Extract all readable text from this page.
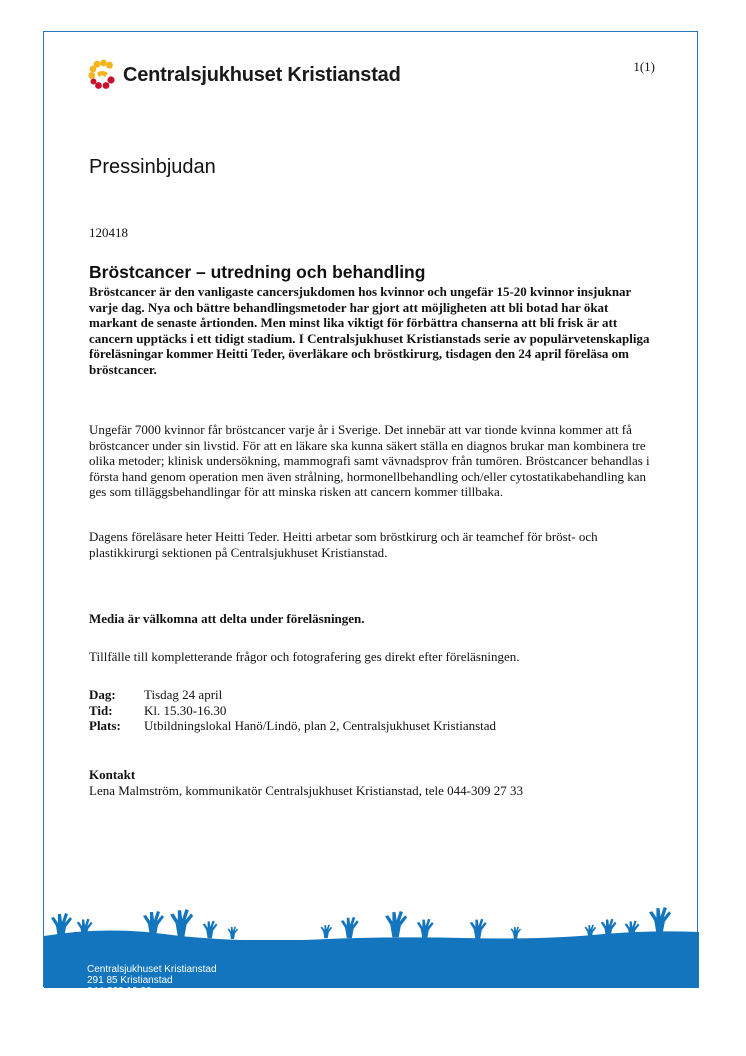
Centralsjukhuset Kristianstad	1(1)
Pressinbjudan
120418
Bröstcancer – utredning och behandling

Bröstcancer är den vanligaste cancersjukdomen hos kvinnor och ungefär 15-20 kvinnor insjuknar varje dag. Nya och bättre behandlingsmetoder har gjort att möjligheten att bli botad har ökat markant de senaste årtionden. Men minst lika viktigt för förbättra chanserna att bli frisk är att cancern upptäcks i ett tidigt stadium. I Centralsjukhuset Kristianstads serie av populärvetenskapliga föreläsningar kommer Heitti Teder, överläkare och bröstkirurg, tisdagen den 24 april föreläsa om bröstcancer.

Ungefär 7000 kvinnor får bröstcancer varje år i Sverige. Det innebär att var tionde kvinna kommer att få bröstcancer under sin livstid. För att en läkare ska kunna säkert ställa en diagnos brukar man kombinera tre olika metoder; klinisk undersökning, mammografi samt vävnadsprov från tumören. Bröstcancer behandlas i första hand genom operation men även strålning, hormonellbehandling och/eller cytostatikabehandling kan ges som tilläggsbehandlingar för att minska risken att cancern kommer tillbaka.

Dagens föreläsare heter Heitti Teder. Heitti arbetar som bröstkirurg och är teamchef för bröst- och plastikkirurgi sektionen på Centralsjukhuset Kristianstad.

Media är välkomna att delta under föreläsningen.

Tillfälle till kompletterande frågor och fotografering ges direkt efter föreläsningen.

Dag:	Tisdag 24 april
Tid:	Kl. 15.30-16.30
Plats:	Utbildningslokal Hanö/Lindö, plan 2, Centralsjukhuset Kristianstad
Kontakt
Lena Malmström, kommunikatör Centralsjukhuset Kristianstad, tele 044-309 27 33
Centralsjukhuset Kristianstad
291 85 Kristianstad
044-309 10 00	www.centralsjukhuset.nu
